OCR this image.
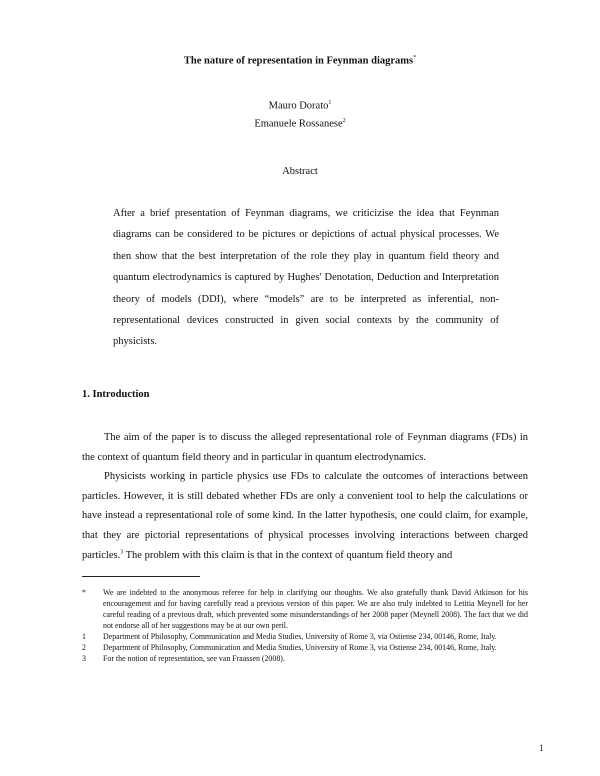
The nature of representation in Feynman diagrams*
Mauro Dorato$^1$
Emanuele Rossanese$^2$
Abstract

After a brief presentation of Feynman diagrams, we criticizise the idea that Feynman diagrams can be considered to be pictures or depictions of actual physical processes. We then show that the best interpretation of the role they play in quantum field theory and quantum electrodynamics is captured by Hughes' Denotation, Deduction and Interpretation theory of models (DDI), where “models” are to be interpreted as inferential, non-representational devices constructed in given social contexts by the community of physicists.

1. Introduction

The aim of the paper is to discuss the alleged representational role of Feynman diagrams (FDs) in the context of quantum field theory and in particular in quantum electrodynamics.

Physicists working in particle physics use FDs to calculate the outcomes of interactions between particles. However, it is still debated whether FDs are only a convenient tool to help the calculations or have instead a representational role of some kind. In the latter hypothesis, one could claim, for example, that they are pictorial representations of physical processes involving interactions between charged particles.$^3$ The problem with this claim is that in the context of quantum field theory and

* We are indebted to the anonymous referee for help in clarifying our thoughts. We also gratefully thank David Atkinson for his encouragement and for having carefully read a previous version of this paper. We are also truly indebted to Letitia Meynell for her careful reading of a previous draft, which prevented some misunderstandings of her 2008 paper (Meynell 2008). The fact that we did not endorse all of her suggestions may be at our own peril.
1 Department of Philosophy, Communication and Media Studies, University of Rome 3, via Ostiense 234, 00146, Rome, Italy.
2 Department of Philosophy, Communication and Media Studies, University of Rome 3, via Ostiense 234, 00146, Rome, Italy.
3 For the notion of representation, see van Fraassen (2008).
1
